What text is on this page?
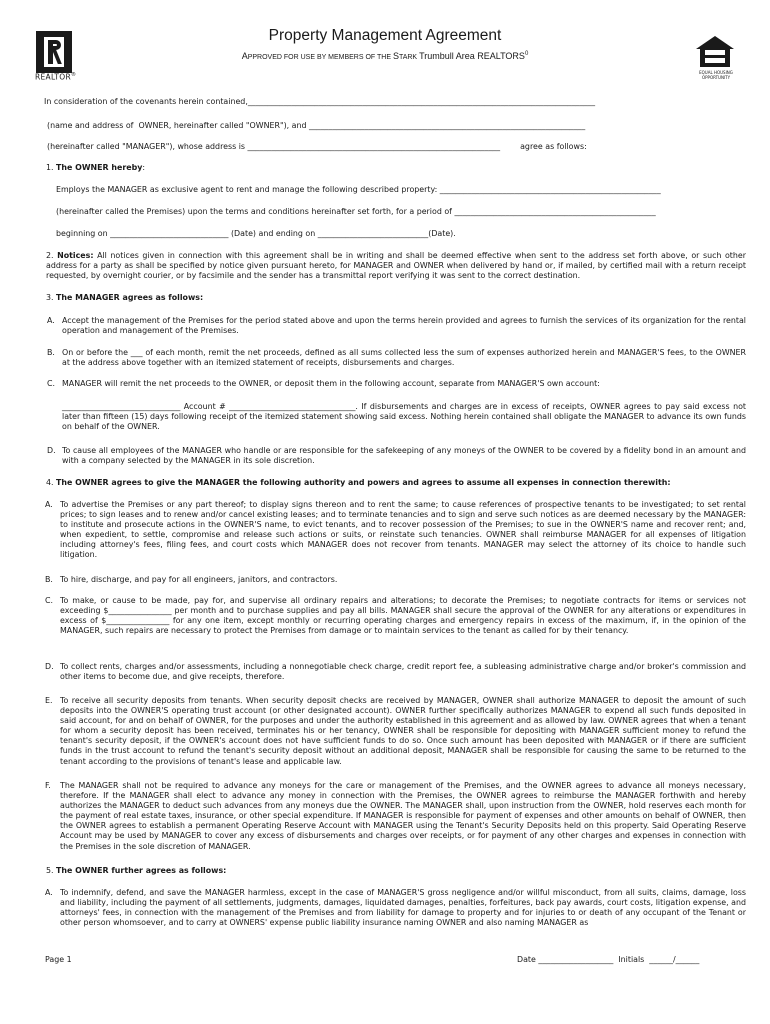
REALTOR®
Property Management Agreement
APPROVED FOR USE BY MEMBERS OF THE STARK Trumbull Area REALTORS$^0$
EQUAL HOUSING OPPORTUNITY
In consideration of the covenants herein contained,________________________________________________________________________________________
(name and address of  OWNER, hereinafter called "OWNER"), and ______________________________________________________________________
(hereinafter called "MANAGER"), whose address is ________________________________________________________________        agree as follows:
1. The OWNER hereby:
Employs the MANAGER as exclusive agent to rent and manage the following described property: ________________________________________________________
(hereinafter called the Premises) upon the terms and conditions hereinafter set forth, for a period of ___________________________________________________
beginning on ______________________________ (Date) and ending on ____________________________(Date).
2. Notices: All notices given in connection with this agreement shall be in writing and shall be deemed effective when sent to the address set forth above, or such other address for a party as shall be specified by notice given pursuant hereto, for MANAGER and OWNER when delivered by hand or, if mailed, by certified mail with a return receipt requested, by overnight courier, or by facsimile and the sender has a transmittal report verifying it was sent to the correct destination.
3. The MANAGER agrees as follows:
A. Accept the management of the Premises for the period stated above and upon the terms herein provided and agrees to furnish the services of its organization for the rental operation and management of the Premises.
B. On or before the ___ of each month, remit the net proceeds, defined as all sums collected less the sum of expenses authorized herein and MANAGER'S fees, to the OWNER at the address above together with an itemized statement of receipts, disbursements and charges.
C. MANAGER will remit the net proceeds to the OWNER, or deposit them in the following account, separate from MANAGER'S own account:
______________________________ Account # ________________________________. If disbursements and charges are in excess of receipts, OWNER agrees to pay said excess not later than fifteen (15) days following receipt of the itemized statement showing said excess. Nothing herein contained shall obligate the MANAGER to advance its own funds on behalf of the OWNER.
D. To cause all employees of the MANAGER who handle or are responsible for the safekeeping of any moneys of the OWNER to be covered by a fidelity bond in an amount and with a company selected by the MANAGER in its sole discretion.
4. The OWNER agrees to give the MANAGER the following authority and powers and agrees to assume all expenses in connection therewith:
A. To advertise the Premises or any part thereof; to display signs thereon and to rent the same; to cause references of prospective tenants to be investigated; to set rental prices; to sign leases and to renew and/or cancel existing leases; and to terminate tenancies and to sign and serve such notices as are deemed necessary by the MANAGER: to institute and prosecute actions in the OWNER'S name, to evict tenants, and to recover possession of the Premises; to sue in the OWNER'S name and recover rent; and, when expedient, to settle, compromise and release such actions or suits, or reinstate such tenancies. OWNER shall reimburse MANAGER for all expenses of litigation including attorney's fees, filing fees, and court costs which MANAGER does not recover from tenants. MANAGER may select the attorney of its choice to handle such litigation.
B. To hire, discharge, and pay for all engineers, janitors, and contractors.
C. To make, or cause to be made, pay for, and supervise all ordinary repairs and alterations; to decorate the Premises; to negotiate contracts for items or services not exceeding $________________ per month and to purchase supplies and pay all bills. MANAGER shall secure the approval of the OWNER for any alterations or expenditures in excess of $________________ for any one item, except monthly or recurring operating charges and emergency repairs in excess of the maximum, if, in the opinion of the MANAGER, such repairs are necessary to protect the Premises from damage or to maintain services to the tenant as called for by their tenancy.
D. To collect rents, charges and/or assessments, including a nonnegotiable check charge, credit report fee, a subleasing administrative charge and/or broker's commission and other items to become due, and give receipts, therefore.
E. To receive all security deposits from tenants. When security deposit checks are received by MANAGER, OWNER shall authorize MANAGER to deposit the amount of such deposits into the OWNER'S operating trust account (or other designated account). OWNER further specifically authorizes MANAGER to expend all such funds deposited in said account, for and on behalf of OWNER, for the purposes and under the authority established in this agreement and as allowed by law. OWNER agrees that when a tenant for whom a security deposit has been received, terminates his or her tenancy, OWNER shall be responsible for depositing with MANAGER sufficient money to refund the tenant's security deposit, if the OWNER's account does not have sufficient funds to do so. Once such amount has been deposited with MANAGER or if there are sufficient funds in the trust account to refund the tenant's security deposit without an additional deposit, MANAGER shall be responsible for causing the same to be returned to the tenant according to the provisions of tenant's lease and applicable law.
F. The MANAGER shall not be required to advance any moneys for the care or management of the Premises, and the OWNER agrees to advance all moneys necessary, therefore. If the MANAGER shall elect to advance any money in connection with the Premises, the OWNER agrees to reimburse the MANAGER forthwith and hereby authorizes the MANAGER to deduct such advances from any moneys due the OWNER. The MANAGER shall, upon instruction from the OWNER, hold reserves each month for the payment of real estate taxes, insurance, or other special expenditure. If MANAGER is responsible for payment of expenses and other amounts on behalf of OWNER, then the OWNER agrees to establish a permanent Operating Reserve Account with MANAGER using the Tenant's Security Deposits held on this property. Said Operating Reserve Account may be used by MANAGER to cover any excess of disbursements and charges over receipts, or for payment of any other charges and expenses in connection with the Premises in the sole discretion of MANAGER.
5. The OWNER further agrees as follows:
A. To indemnify, defend, and save the MANAGER harmless, except in the case of MANAGER'S gross negligence and/or willful misconduct, from all suits, claims, damage, loss and liability, including the payment of all settlements, judgments, damages, liquidated damages, penalties, forfeitures, back pay awards, court costs, litigation expense, and attorneys' fees, in connection with the management of the Premises and from liability for damage to property and for injuries to or death of any occupant of the Tenant or other person whomsoever, and to carry at OWNERS' expense public liability insurance naming OWNER and also naming MANAGER as
Page 1	Date ___________________  Initials  ______/______
